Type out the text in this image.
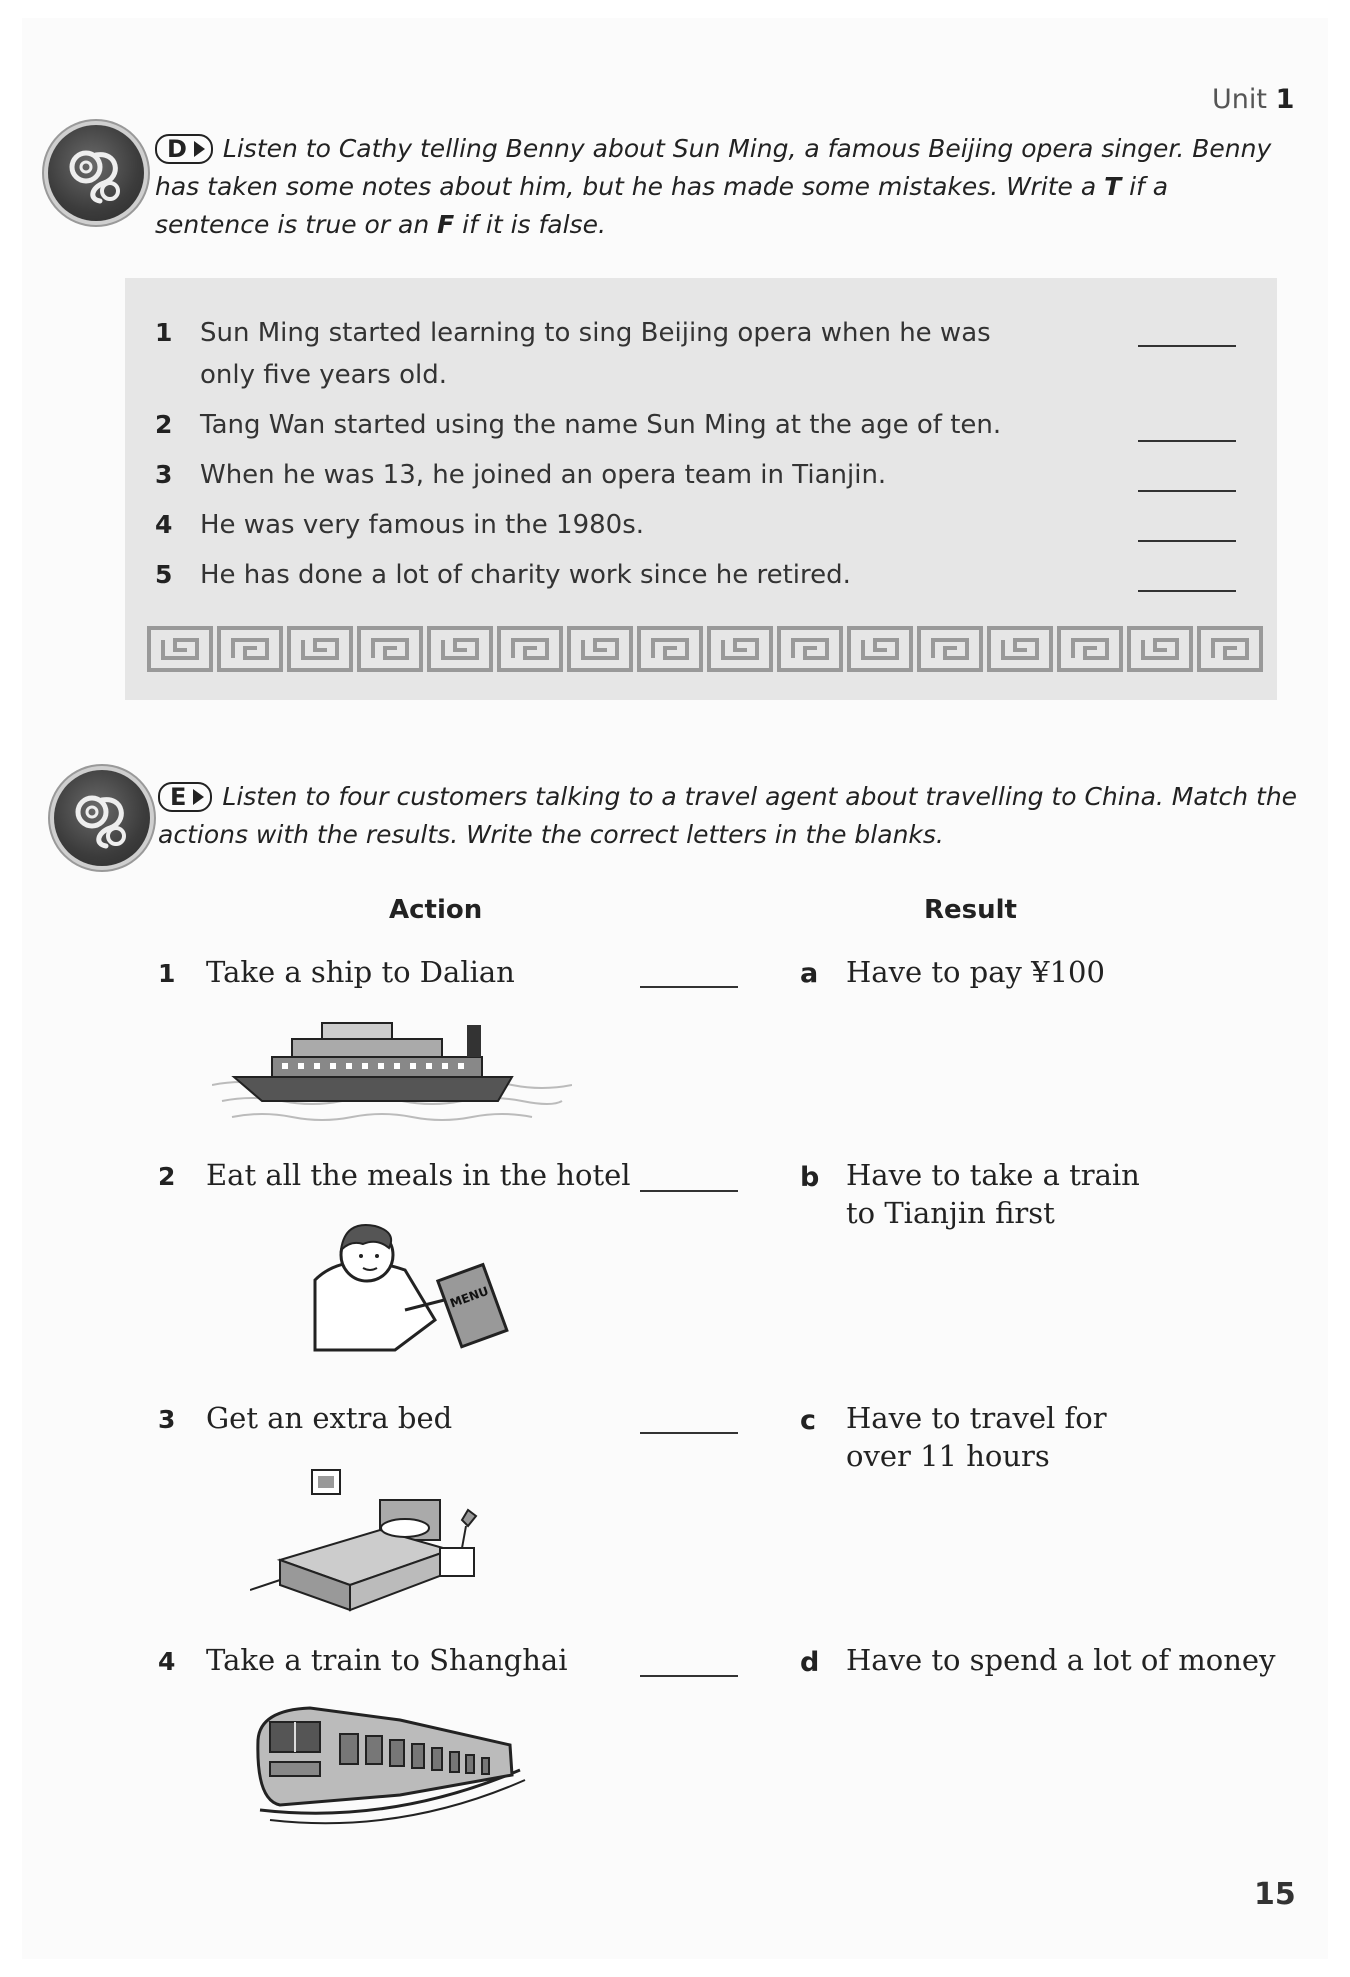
Unit 1
D Listen to Cathy telling Benny about Sun Ming, a famous Beijing opera singer. Benny has taken some notes about him, but he has made some mistakes. Write a T if a sentence is true or an F if it is false.
1 Sun Ming started learning to sing Beijing opera when he was only five years old.
2 Tang Wan started using the name Sun Ming at the age of ten.
3 When he was 13, he joined an opera team in Tianjin.
4 He was very famous in the 1980s.
5 He has done a lot of charity work since he retired.
E Listen to four customers talking to a travel agent about travelling to China. Match the actions with the results. Write the correct letters in the blanks.
Action	Result
1 Take a ship to Dalian	a Have to pay ¥100
2 Eat all the meals in the hotel	b Have to take a train to Tianjin first
MENU
3 Get an extra bed	c Have to travel for over 11 hours
4 Take a train to Shanghai	d Have to spend a lot of money
15
